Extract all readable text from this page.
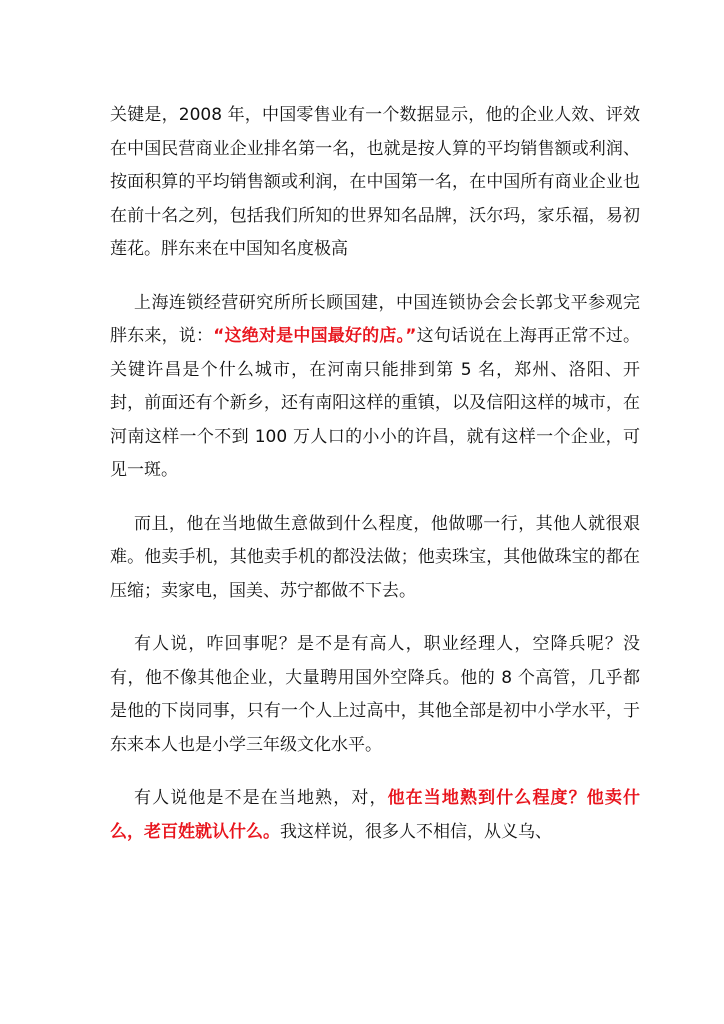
关键是，2008 年，中国零售业有一个数据显示，他的企业人效、评效在中国民营商业企业排名第一名，也就是按人算的平均销售额或利润、按面积算的平均销售额或利润，在中国第一名，在中国所有商业企业也在前十名之列，包括我们所知的世界知名品牌，沃尔玛，家乐福，易初莲花。胖东来在中国知名度极高

上海连锁经营研究所所长顾国建，中国连锁协会会长郭戈平参观完胖东来，说：“这绝对是中国最好的店。”这句话说在上海再正常不过。关键许昌是个什么城市，在河南只能排到第 5 名，郑州、洛阳、开封，前面还有个新乡，还有南阳这样的重镇，以及信阳这样的城市，在河南这样一个不到 100 万人口的小小的许昌，就有这样一个企业，可见一斑。

而且，他在当地做生意做到什么程度，他做哪一行，其他人就很艰难。他卖手机，其他卖手机的都没法做；他卖珠宝，其他做珠宝的都在压缩；卖家电，国美、苏宁都做不下去。

有人说，咋回事呢？是不是有高人，职业经理人，空降兵呢？没有，他不像其他企业，大量聘用国外空降兵。他的 8 个高管，几乎都是他的下岗同事，只有一个人上过高中，其他全部是初中小学水平，于东来本人也是小学三年级文化水平。

有人说他是不是在当地熟，对，他在当地熟到什么程度？他卖什么，老百姓就认什么。我这样说，很多人不相信，从义乌、
